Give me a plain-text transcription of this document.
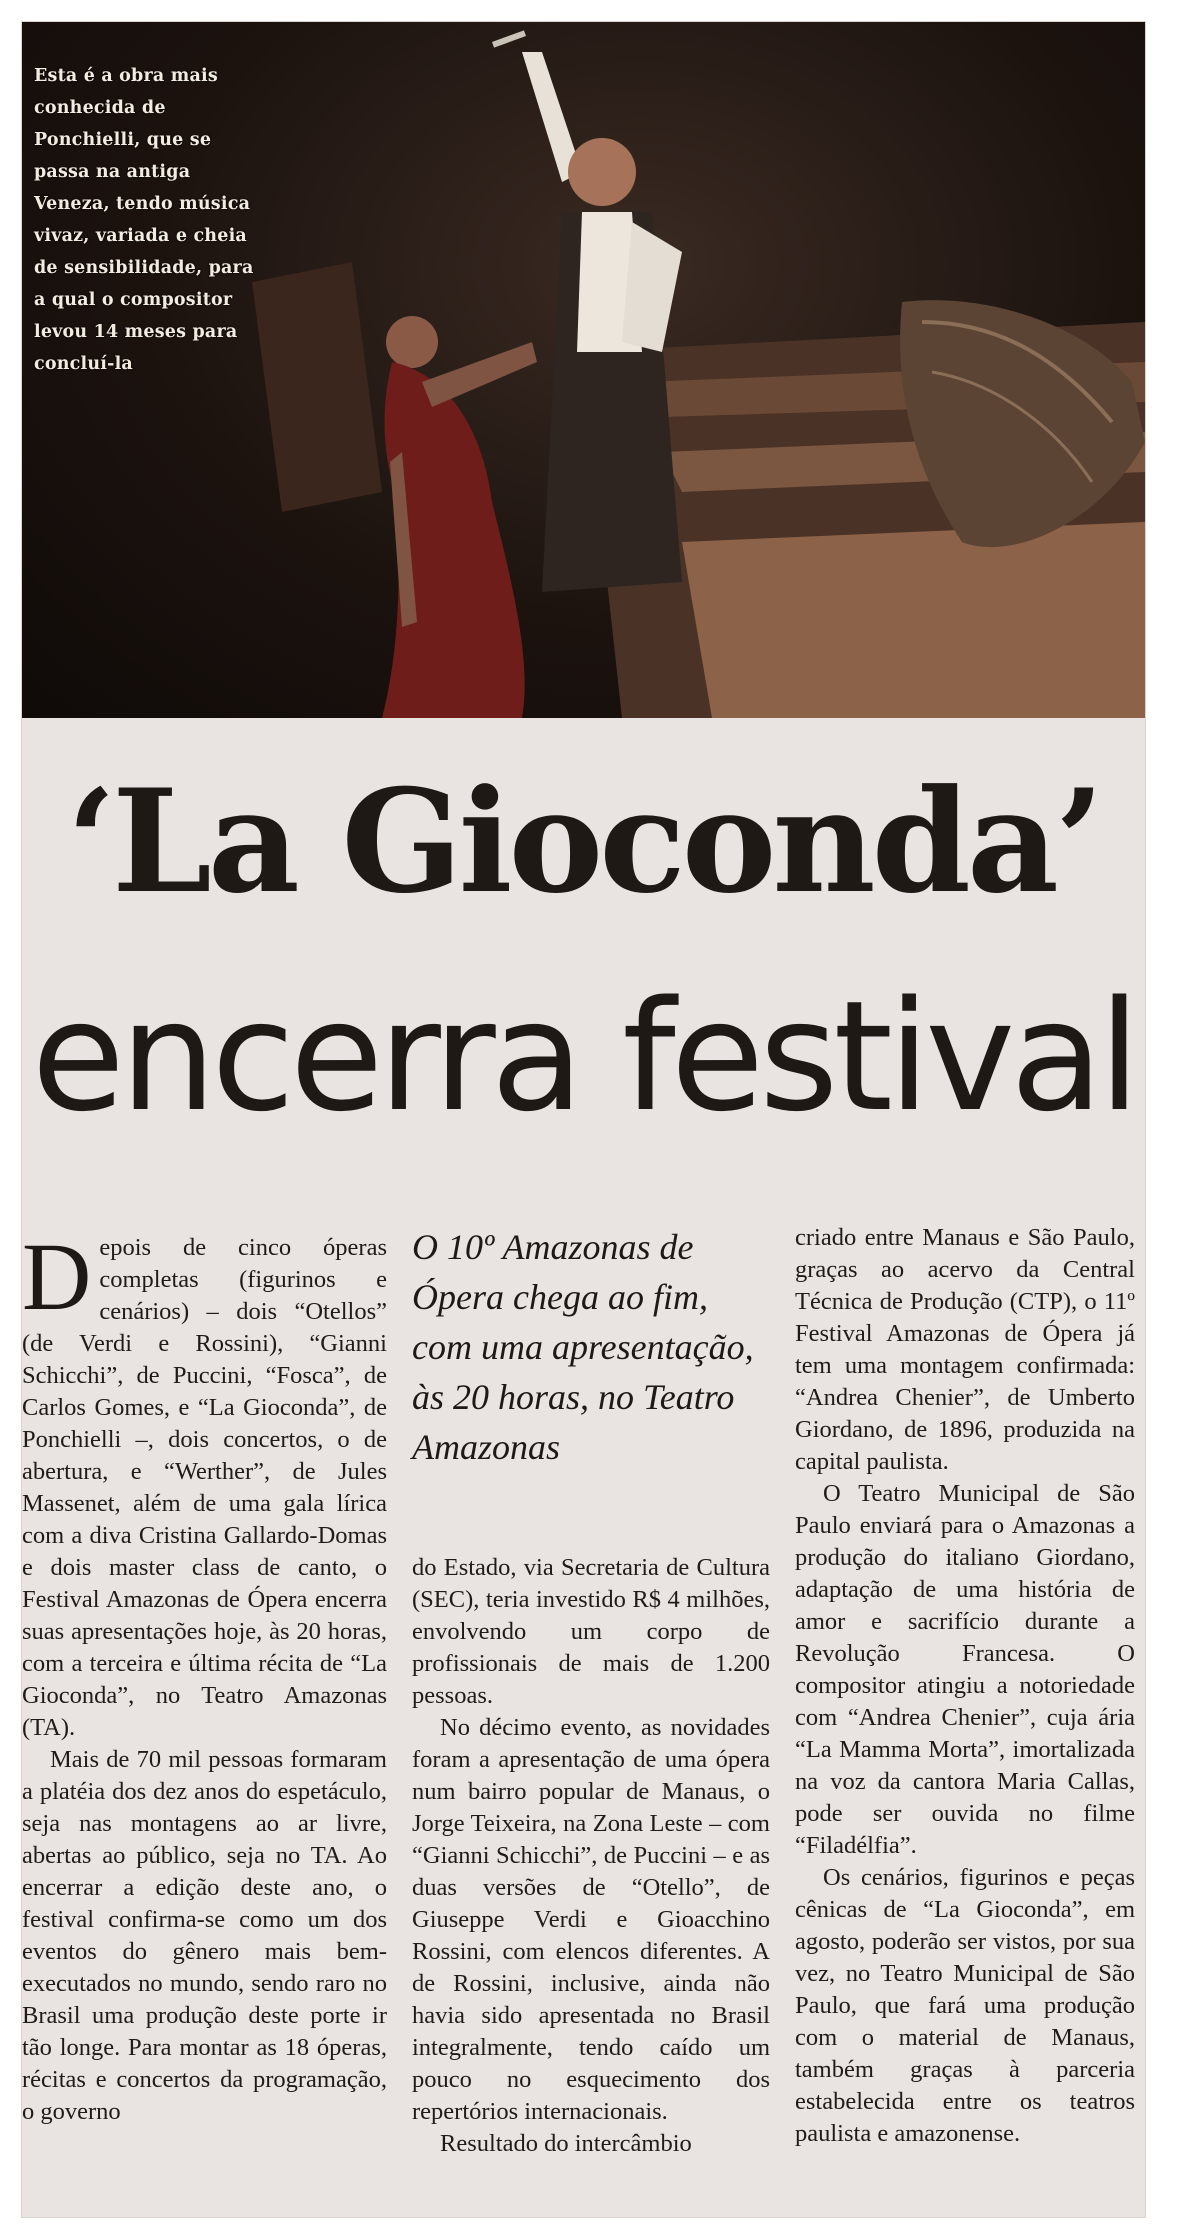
Esta é a obra mais conhecida de Ponchielli, que se passa na antiga Veneza, tendo música vivaz, variada e cheia de sensibilidade, para a qual o compositor levou 14 meses para concluí-la
‘La Gioconda’
encerra festival

Depois de cinco óperas completas (figurinos e cenários) – dois “Otellos” (de Verdi e Rossini), “Gianni Schicchi”, de Puccini, “Fosca”, de Carlos Gomes, e “La Gioconda”, de Ponchielli –, dois concertos, o de abertura, e “Werther”, de Jules Massenet, além de uma gala lírica com a diva Cristina Gallardo-Domas e dois master class de canto, o Festival Amazonas de Ópera encerra suas apresentações hoje, às 20 horas, com a terceira e última récita de “La Gioconda”, no Teatro Amazonas (TA).

Mais de 70 mil pessoas formaram a platéia dos dez anos do espetáculo, seja nas montagens ao ar livre, abertas ao público, seja no TA. Ao encerrar a edição deste ano, o festival confirma-se como um dos eventos do gênero mais bem-executados no mundo, sendo raro no Brasil uma produção deste porte ir tão longe. Para montar as 18 óperas, récitas e concertos da programação, o governo

O 10º Amazonas de Ópera chega ao fim, com uma apresentação, às 20 horas, no Teatro Amazonas

do Estado, via Secretaria de Cultura (SEC), teria investido R$ 4 milhões, envolvendo um corpo de profissionais de mais de 1.200 pessoas.

No décimo evento, as novidades foram a apresentação de uma ópera num bairro popular de Manaus, o Jorge Teixeira, na Zona Leste – com “Gianni Schicchi”, de Puccini – e as duas versões de “Otello”, de Giuseppe Verdi e Gioacchino Rossini, com elencos diferentes. A de Rossini, inclusive, ainda não havia sido apresentada no Brasil integralmente, tendo caído um pouco no esquecimento dos repertórios internacionais.

Resultado do intercâmbio

criado entre Manaus e São Paulo, graças ao acervo da Central Técnica de Produção (CTP), o 11º Festival Amazonas de Ópera já tem uma montagem confirmada: “Andrea Chenier”, de Umberto Giordano, de 1896, produzida na capital paulista.

O Teatro Municipal de São Paulo enviará para o Amazonas a produção do italiano Giordano, adaptação de uma história de amor e sacrifício durante a Revolução Francesa. O compositor atingiu a notoriedade com “Andrea Chenier”, cuja ária “La Mamma Morta”, imortalizada na voz da cantora Maria Callas, pode ser ouvida no filme “Filadélfia”.

Os cenários, figurinos e peças cênicas de “La Gioconda”, em agosto, poderão ser vistos, por sua vez, no Teatro Municipal de São Paulo, que fará uma produção com o material de Manaus, também graças à parceria estabelecida entre os teatros paulista e amazonense.
